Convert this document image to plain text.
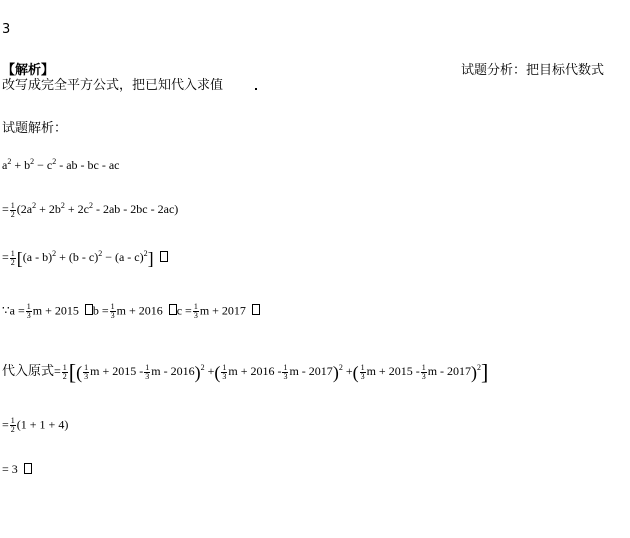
3
【解析】	试题分析：把目标代数式
改写成完全平方公式，把已知代入求值
试题解析：
$a^2 + b^2 - c^2$ - ab - bc - ac
= $\frac{1}{2} (2a^2 + 2b^2 + 2c^2 - 2ab - 2bc - 2ac)$
= $\frac{1}{2} [(a - b)^2 + (b - c)^2 - (a - c)^2]$
∵a = $\frac{1}{3}$ m + 2015 $b = \frac{1}{3}$ m + 2016 $c = \frac{1}{3}$ m + 2017
代入原式= $\frac{1}{2}$ [( $\frac{1}{3}$ $m + 2015 - \frac{1}{3}$ m - 2016)$^2$ +( $\frac{1}{3}$ $m + 2016 - \frac{1}{3}$ m - 2017)$^2$ +( $\frac{1}{3}$ $m + 2015 - \frac{1}{3}$ m - 2017)$^2$]
= $\frac{1}{2} (1 + 1 + 4)$
= 3
